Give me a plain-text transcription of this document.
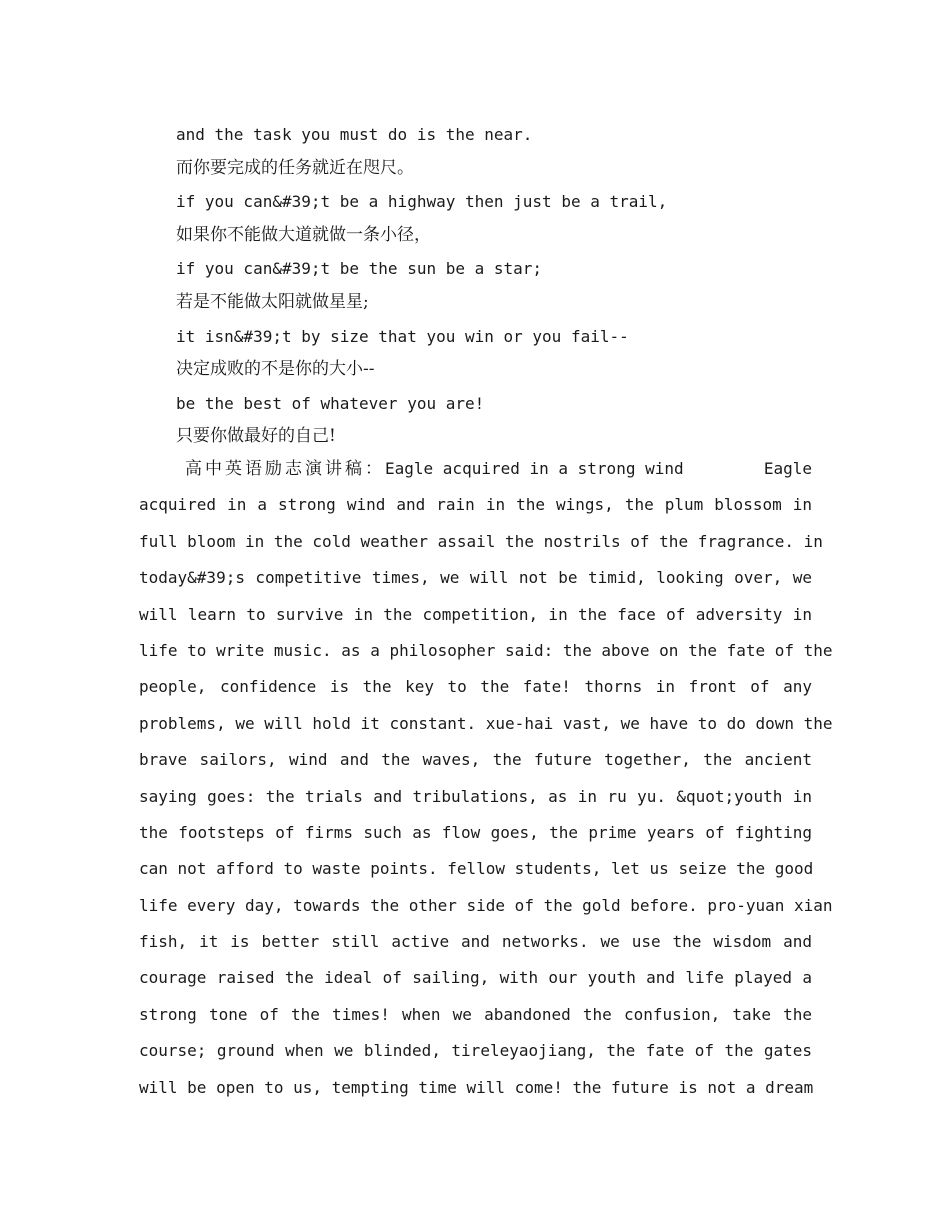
and the task you must do is the near.
而你要完成的任务就近在咫尺。
if you can&#39;t be a highway then just be a trail,
如果你不能做大道就做一条小径，
if you can&#39;t be the sun be a star;
若是不能做太阳就做星星;
it isn&#39;t by size that you win or you fail--
决定成败的不是你的大小--
be the best of whatever you are!
只要你做最好的自己!
高中英语励志演讲稿：Eagle acquired in a strong wind	Eagle
acquired in a strong wind and rain in the wings, the plum blossom in
full bloom in the cold weather assail the nostrils of the fragrance. in
today&#39;s competitive times, we will not be timid, looking over, we
will learn to survive in the competition, in the face of adversity in
life to write music. as a philosopher said: the above on the fate of the
people, confidence is the key to the fate! thorns in front of any
problems, we will hold it constant. xue-hai vast, we have to do down the
brave sailors, wind and the waves, the future together, the ancient
saying goes: the trials and tribulations, as in ru yu. &quot;youth in
the footsteps of firms such as flow goes, the prime years of fighting
can not afford to waste points. fellow students, let us seize the good
life every day, towards the other side of the gold before. pro-yuan xian
fish, it is better still active and networks. we use the wisdom and
courage raised the ideal of sailing, with our youth and life played a
strong tone of the times! when we abandoned the confusion, take the
course; ground when we blinded, tireleyaojiang, the fate of the gates
will be open to us, tempting time will come! the future is not a dream
